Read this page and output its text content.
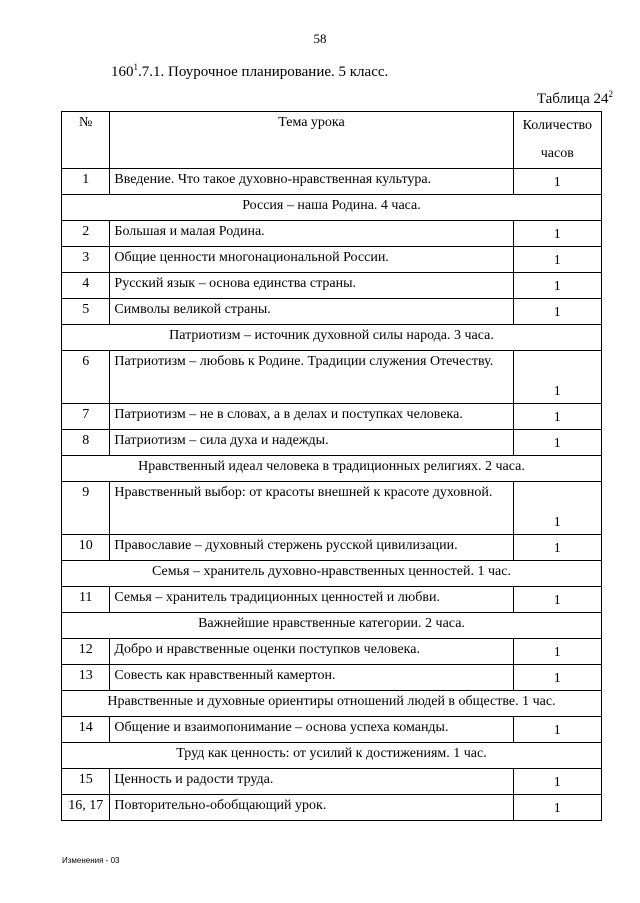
58
$160^1.7.1$. Поурочное планирование. 5 класс.
Таблица $24^2$
№	Тема урока	Количество часов
1	Введение. Что такое духовно-нравственная культура.	1
Россия – наша Родина. 4 часа.		
2	Большая и малая Родина.	1
3	Общие ценности многонациональной России.	1
4	Русский язык – основа единства страны.	1
5	Символы великой страны.	1
Патриотизм – источник духовной силы народа. 3 часа.		
6	Патриотизм – любовь к Родине. Традиции служения Отечеству.	1
7	Патриотизм – не в словах, а в делах и поступках человека.	1
8	Патриотизм – сила духа и надежды.	1
Нравственный идеал человека в традиционных религиях. 2 часа.		
9	Нравственный выбор: от красоты внешней к красоте духовной.	1
10	Православие – духовный стержень русской цивилизации.	1
Семья – хранитель духовно-нравственных ценностей. 1 час.		
11	Семья – хранитель традиционных ценностей и любви.	1
Важнейшие нравственные категории. 2 часа.		
12	Добро и нравственные оценки поступков человека.	1
13	Совесть как нравственный камертон.	1
Нравственные и духовные ориентиры отношений людей в обществе. 1 час.		
14	Общение и взаимопонимание – основа успеха команды.	1
Труд как ценность: от усилий к достижениям. 1 час.		
15	Ценность и радости труда.	1
16, 17	Повторительно-обобщающий урок.	1
Изменения - 03
